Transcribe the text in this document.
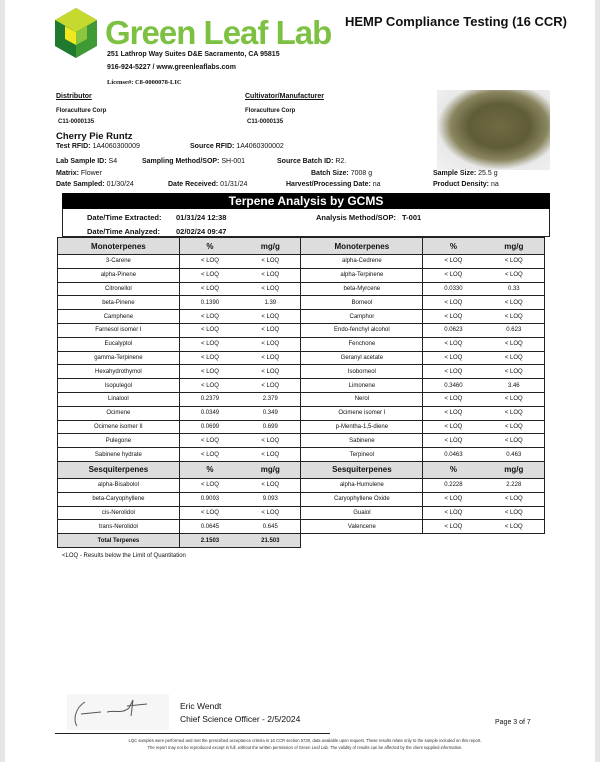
Green Leaf Lab
251 Lathrop Way Suites D&E Sacramento, CA 95815
916-924-5227 / www.greenleaflabs.com
License#: C8-0000078-LIC
HEMP Compliance Testing (16 CCR)
Distributor
Floraculture Corp
C11-0000135
Cultivator/Manufacturer
Floraculture Corp
C11-0000135
Cherry Pie Runtz
Test RFID: 1A4060300009	Source RFID: 1A4060300002
Lab Sample ID: S4	Sampling Method/SOP: SH-001	Source Batch ID: R2.
Matrix: Flower	Batch Size: 7008 g	Sample Size: 25.5 g
Date Sampled: 01/30/24	Date Received: 01/31/24	Harvest/Processing Date: na	Product Density: na
Terpene Analysis by GCMS
Date/Time Extracted: 01/31/24 12:38	Analysis Method/SOP: T-001
Date/Time Analyzed: 02/02/24 09:47
Monoterpenes	% mg/g		Monoterpenes	% mg/g	
3-Carene	< LOQ	< LOQ	alpha-Cedrene	< LOQ	< LOQ
alpha-Pinene	< LOQ	< LOQ	alpha-Terpinene	< LOQ	< LOQ
Citronellol	< LOQ	< LOQ	beta-Myrcene	0.0330	0.33
beta-Pinene	0.1390	1.39	Borneol	< LOQ	< LOQ
Camphene	< LOQ	< LOQ	Camphor	< LOQ	< LOQ
Farnesol isomer I	< LOQ	< LOQ	Endo-fenchyl alcohol	0.0623	0.623
Eucalyptol	< LOQ	< LOQ	Fenchone	< LOQ	< LOQ
gamma-Terpinene	< LOQ	< LOQ	Geranyl acetate	< LOQ	< LOQ
Hexahydrothymol	< LOQ	< LOQ	Isoborneol	< LOQ	< LOQ
Isopulegol	< LOQ	< LOQ	Limonene	0.3460	3.46
Linalool	0.2379	2.379	Nerol	< LOQ	< LOQ
Ocimene	0.0349	0.349	Ocimene isomer I	< LOQ	< LOQ
Ocimene isomer II	0.0699	0.699	p-Mentha-1,5-diene	< LOQ	< LOQ
Pulegone	< LOQ	< LOQ	Sabinene	< LOQ	< LOQ
Sabinene hydrate	< LOQ	< LOQ	Terpineol	0.0463	0.463
Sesquiterpenes	% mg/g		Sesquiterpenes	% mg/g	
alpha-Bisabolol	< LOQ	< LOQ	alpha-Humulene	0.2228	2.228
beta-Caryophyllene	0.9093	9.093	Caryophyllene Oxide	< LOQ	< LOQ
cis-Nerolidol	< LOQ	< LOQ	Guaiol	< LOQ	< LOQ
trans-Nerolidol	0.0645	0.645	Valencene	< LOQ	< LOQ
Total Terpenes	2.1503	21.503			
<LOQ - Results below the Limit of Quantitation
Eric Wendt
Chief Science Officer - 2/5/2024	Page 3 of 7
LQC samples were performed and met the prescribed acceptance criteria in 16 CCR section 5730, data available upon request. These results relate only to the sample included on this report.
The report may not be reproduced except in full, without the written permission of Green Leaf Lab. The validity of results can be affected by the client supplied information.
